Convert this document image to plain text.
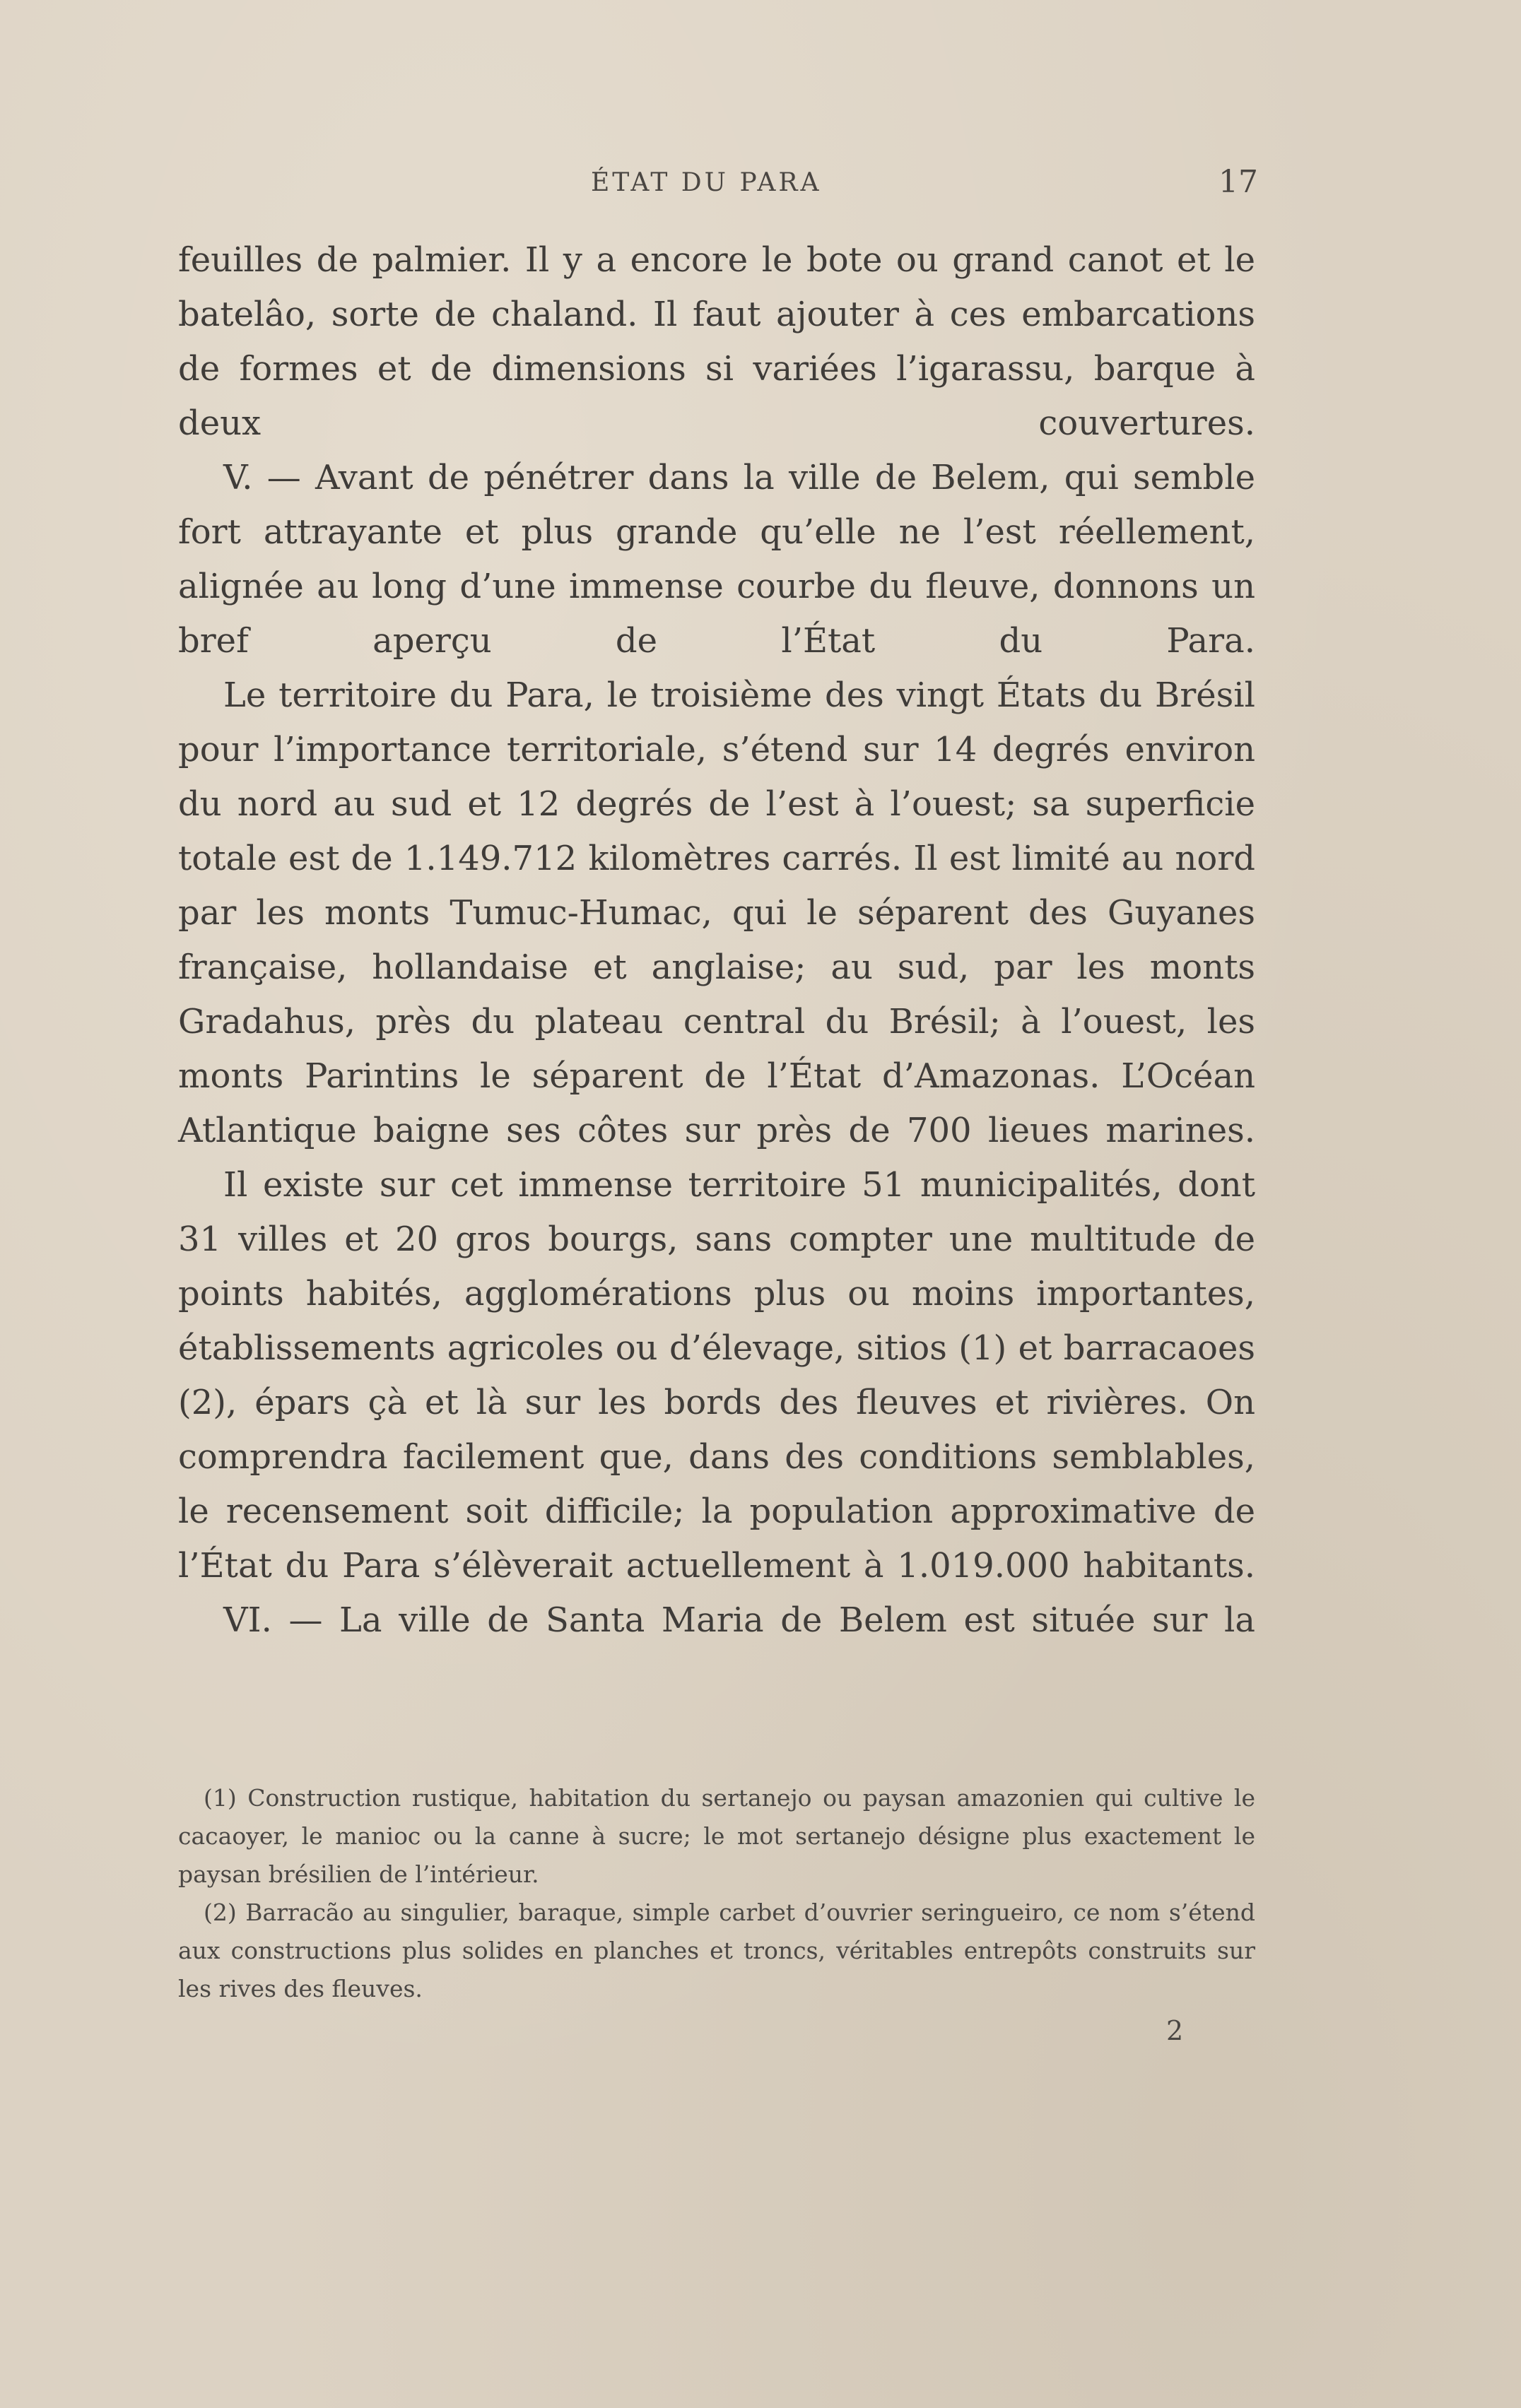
ÉTAT DU PARA	17

feuilles de palmier. Il y a encore le bote ou grand canot et le batelâo, sorte de chaland. Il faut ajouter à ces embarcations de formes et de dimensions si variées l’igarassu, barque à deux couvertures.

V. — Avant de pénétrer dans la ville de Belem, qui semble fort attrayante et plus grande qu’elle ne l’est réellement, alignée au long d’une immense courbe du fleuve, donnons un bref aperçu de l’État du Para.

Le territoire du Para, le troisième des vingt États du Brésil pour l’importance territoriale, s’étend sur 14 degrés environ du nord au sud et 12 degrés de l’est à l’ouest; sa superficie totale est de 1.149.712 kilomètres carrés. Il est limité au nord par les monts Tumuc-Humac, qui le séparent des Guyanes française, hollandaise et anglaise; au sud, par les monts Gradahus, près du plateau central du Brésil; à l’ouest, les monts Parintins le séparent de l’État d’Amazonas. L’Océan Atlantique baigne ses côtes sur près de 700 lieues marines.

Il existe sur cet immense territoire 51 municipalités, dont 31 villes et 20 gros bourgs, sans compter une multitude de points habités, agglomérations plus ou moins importantes, établissements agricoles ou d’élevage, sitios (1) et barracaoes (2), épars çà et là sur les bords des fleuves et rivières. On comprendra facilement que, dans des conditions semblables, le recensement soit difficile; la population approximative de l’État du Para s’élèverait actuellement à 1.019.000 habitants.

VI. — La ville de Santa Maria de Belem est située sur la

(1) Construction rustique, habitation du sertanejo ou paysan amazonien qui cultive le cacaoyer, le manioc ou la canne à sucre; le mot sertanejo désigne plus exactement le paysan brésilien de l’intérieur.

(2) Barracão au singulier, baraque, simple carbet d’ouvrier seringueiro, ce nom s’étend aux constructions plus solides en planches et troncs, véritables entrepôts construits sur les rives des fleuves.

2
